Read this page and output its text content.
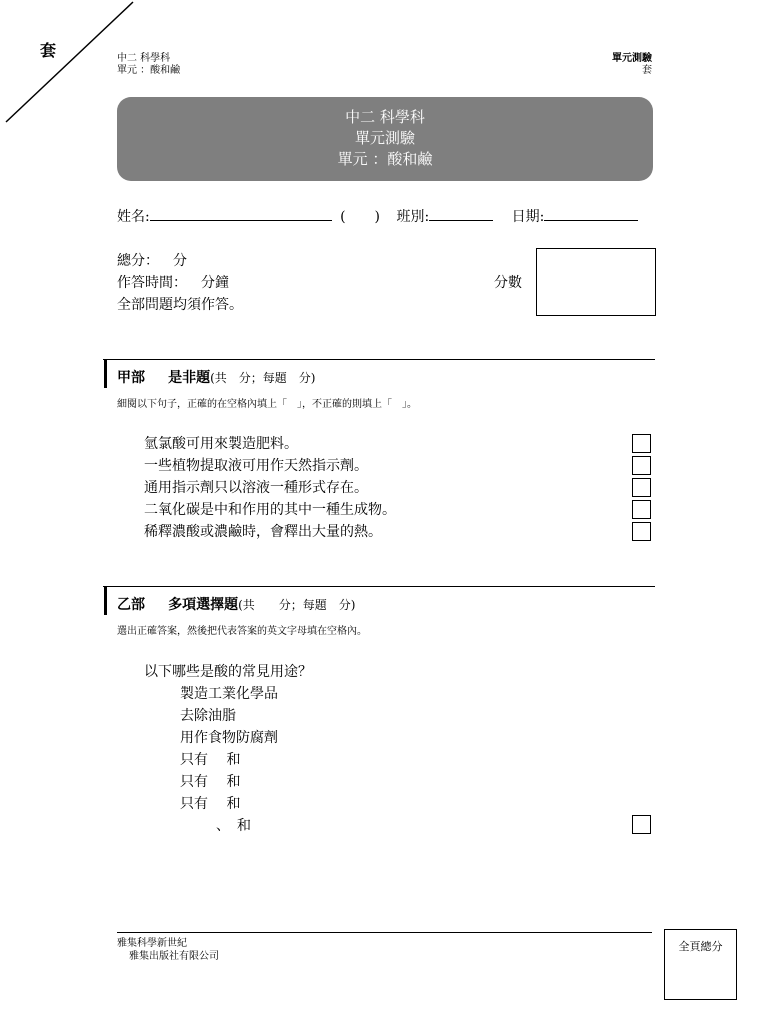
套	中二 科學科
單元 ：酸和鹼
單元測驗
套
中二 科學科
單元測驗
單元 ：酸和鹼
姓名:	( ) 班別:	日期:
總分： 分
作答時間： 分鐘
全部問題均須作答。
分數
甲部 是非題(共　分；每題　分)
細閱以下句子，正確的在空格內填上「　」，不正確的則填上「　」。
氫氯酸可用來製造肥料。
一些植物提取液可用作天然指示劑。
通用指示劑只以溶液一種形式存在。
二氧化碳是中和作用的其中一種生成物。
稀釋濃酸或濃鹼時，會釋出大量的熱。
乙部 多項選擇題(共　　分；每題　分)
選出正確答案，然後把代表答案的英文字母填在空格內。
以下哪些是酸的常見用途？
製造工業化學品
去除油脂
用作食物防腐劑
只有　 和
只有　 和
只有　 和
　、　和
雅集科學新世紀
雅集出版社有限公司
全頁總分
